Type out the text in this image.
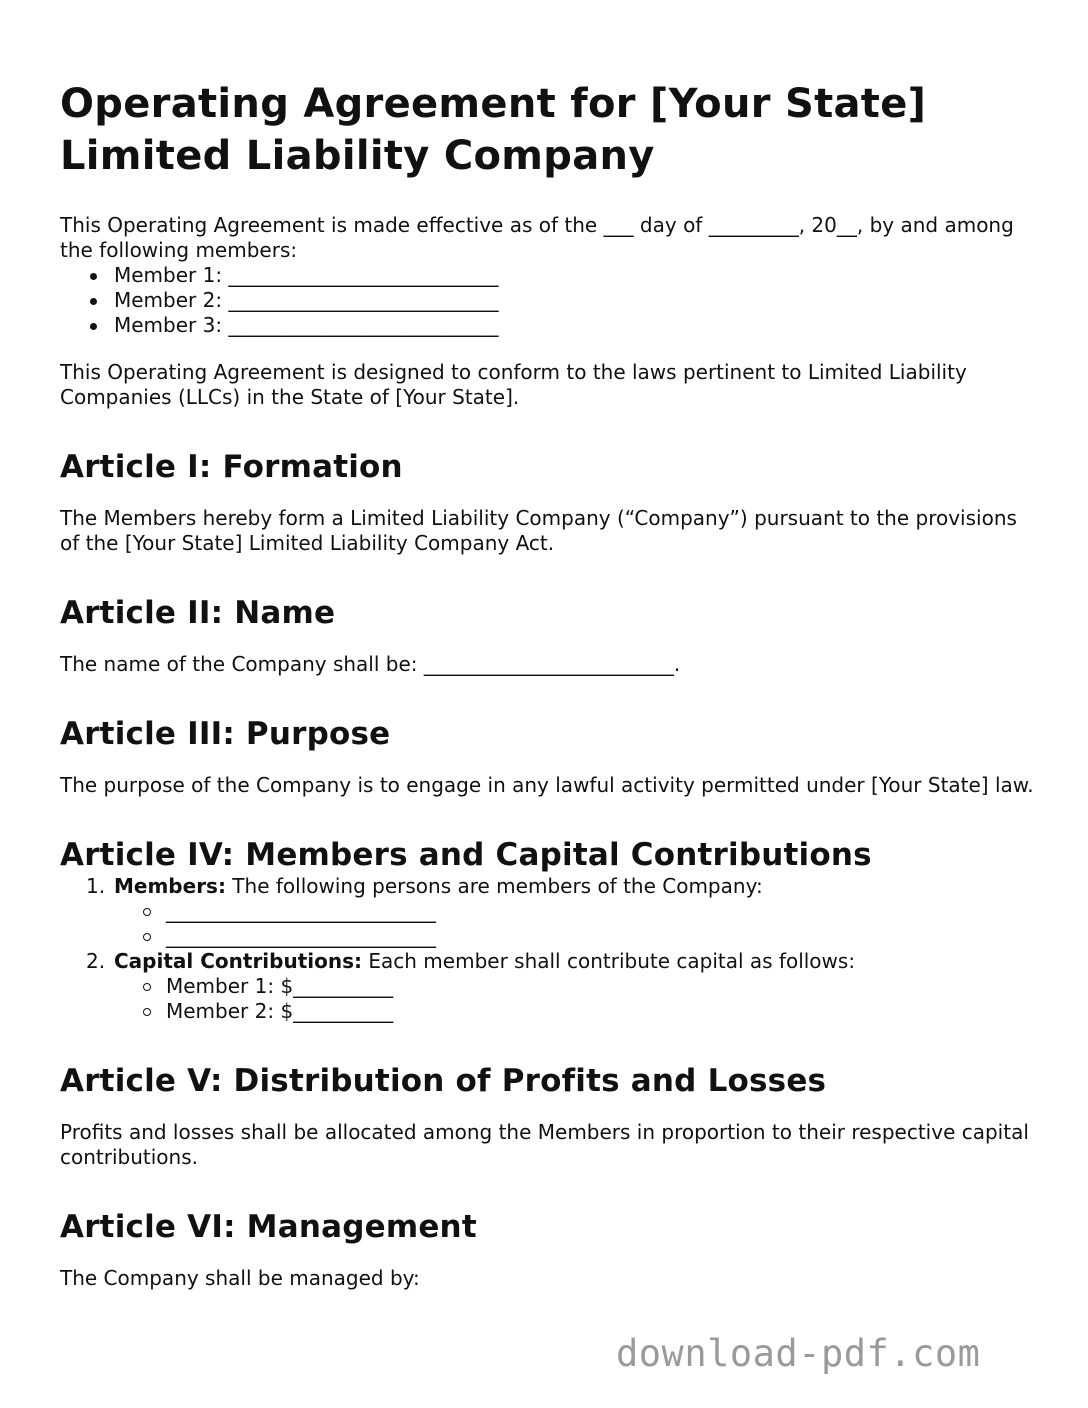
Operating Agreement for [Your State]
Limited Liability Company

This Operating Agreement is made effective as of the ___ day of _________, 20__, by and among the following members:

Member 1: ___________________________
Member 2: ___________________________
Member 3: ___________________________

This Operating Agreement is designed to conform to the laws pertinent to Limited Liability Companies (LLCs) in the State of [Your State].

Article I: Formation

The Members hereby form a Limited Liability Company (“Company”) pursuant to the provisions of the [Your State] Limited Liability Company Act.

Article II: Name

The name of the Company shall be: _________________________.

Article III: Purpose

The purpose of the Company is to engage in any lawful activity permitted under [Your State] law.

Article IV: Members and Capital Contributions
1. Members: The following persons are members of the Company:
___________________________
___________________________
2. Capital Contributions: Each member shall contribute capital as follows:
Member 1: $__________
Member 2: $__________
Article V: Distribution of Profits and Losses

Profits and losses shall be allocated among the Members in proportion to their respective capital contributions.

Article VI: Management

The Company shall be managed by:

download-pdf.com
